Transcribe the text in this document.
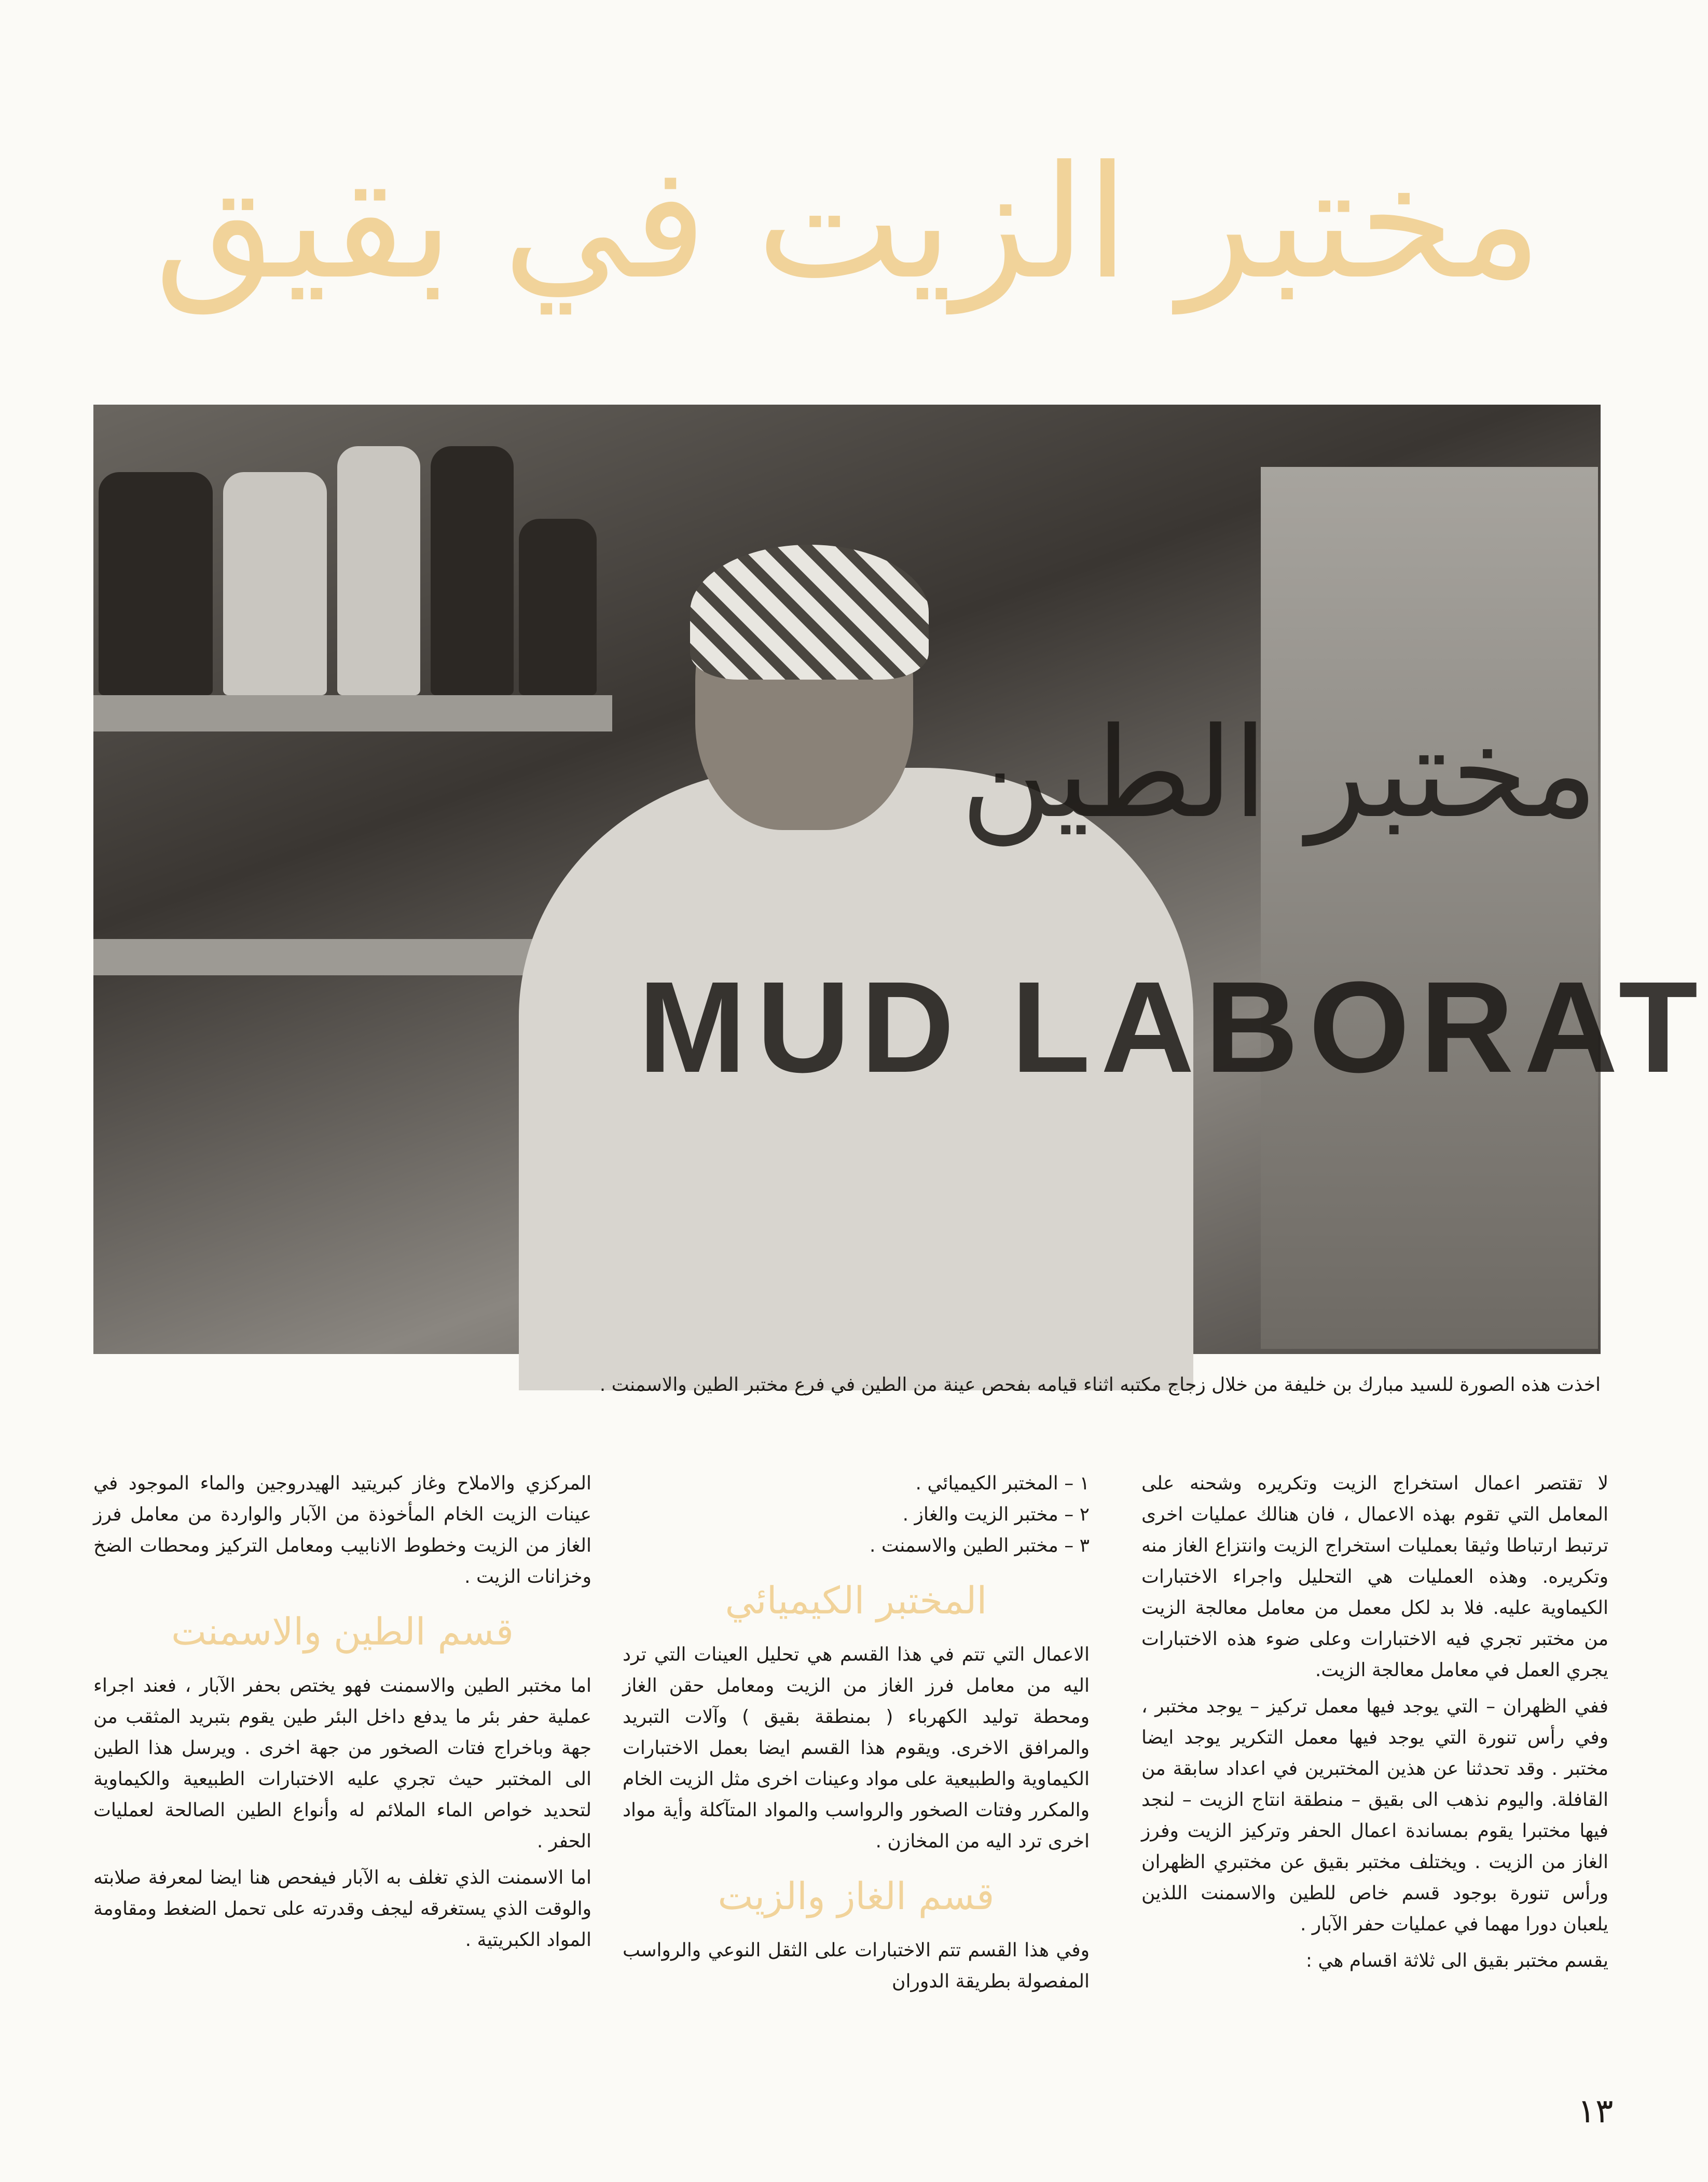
مختبر الزيت في بقيق
مختبر الطين
MUD LABORAT
اخذت هذه الصورة للسيد مبارك بن خليفة من خلال زجاج مكتبه اثناء قيامه بفحص عينة من الطين في فرع مختبر الطين والاسمنت .

لا تقتصر اعمال استخراج الزيت وتكريره وشحنه على المعامل التي تقوم بهذه الاعمال ، فان هنالك عمليات اخرى ترتبط ارتباطا وثيقا بعمليات استخراج الزيت وانتزاع الغاز منه وتكريره. وهذه العمليات هي التحليل واجراء الاختبارات الكيماوية عليه. فلا بد لكل معمل من معامل معالجة الزيت من مختبر تجري فيه الاختبارات وعلى ضوء هذه الاختبارات يجري العمل في معامل معالجة الزيت.

ففي الظهران – التي يوجد فيها معمل تركيز – يوجد مختبر ، وفي رأس تنورة التي يوجد فيها معمل التكرير يوجد ايضا مختبر . وقد تحدثنا عن هذين المختبرين في اعداد سابقة من القافلة. واليوم نذهب الى بقيق – منطقة انتاج الزيت – لنجد فيها مختبرا يقوم بمساندة اعمال الحفر وتركيز الزيت وفرز الغاز من الزيت . ويختلف مختبر بقيق عن مختبري الظهران ورأس تنورة بوجود قسم خاص للطين والاسمنت اللذين يلعبان دورا مهما في عمليات حفر الآبار .

يقسم مختبر بقيق الى ثلاثة اقسام هي :

١ – المختبر الكيميائي .
٢ – مختبر الزيت والغاز .
٣ – مختبر الطين والاسمنت .
المختبر الكيميائي

الاعمال التي تتم في هذا القسم هي تحليل العينات التي ترد اليه من معامل فرز الغاز من الزيت ومعامل حقن الغاز ومحطة توليد الكهرباء ( بمنطقة بقيق ) وآلات التبريد والمرافق الاخرى. ويقوم هذا القسم ايضا بعمل الاختبارات الكيماوية والطبيعية على مواد وعينات اخرى مثل الزيت الخام والمكرر وفتات الصخور والرواسب والمواد المتآكلة وأية مواد اخرى ترد اليه من المخازن .

قسم الغاز والزيت

وفي هذا القسم تتم الاختبارات على الثقل النوعي والرواسب المفصولة بطريقة الدوران

المركزي والاملاح وغاز كبريتيد الهيدروجين والماء الموجود في عينات الزيت الخام المأخوذة من الآبار والواردة من معامل فرز الغاز من الزيت وخطوط الانابيب ومعامل التركيز ومحطات الضخ وخزانات الزيت .

قسم الطين والاسمنت

اما مختبر الطين والاسمنت فهو يختص بحفر الآبار ، فعند اجراء عملية حفر بئر ما يدفع داخل البئر طين يقوم بتبريد المثقب من جهة وباخراج فتات الصخور من جهة اخرى . ويرسل هذا الطين الى المختبر حيث تجري عليه الاختبارات الطبيعية والكيماوية لتحديد خواص الماء الملائم له وأنواع الطين الصالحة لعمليات الحفر .

اما الاسمنت الذي تغلف به الآبار فيفحص هنا ايضا لمعرفة صلابته والوقت الذي يستغرقه ليجف وقدرته على تحمل الضغط ومقاومة المواد الكبريتية .

١٣
